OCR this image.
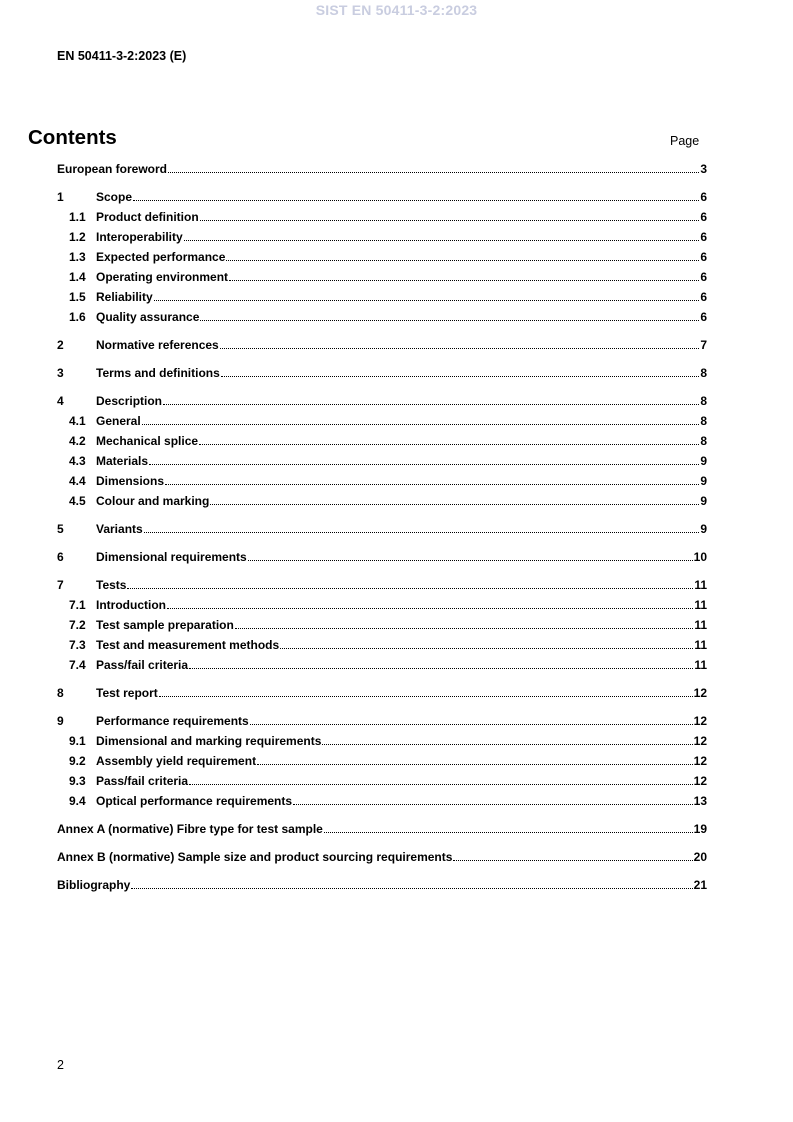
SIST EN 50411-3-2:2023
EN 50411-3-2:2023 (E)
Contents	Page
European foreword	3
1	Scope	6
1.1 Product definition	6
1.2 Interoperability	6
1.3 Expected performance	6
1.4 Operating environment	6
1.5 Reliability	6
1.6 Quality assurance	6
2	Normative references	7
3	Terms and definitions	8
4	Description	8
4.1 General	8
4.2 Mechanical splice	8
4.3 Materials	9
4.4 Dimensions	9
4.5 Colour and marking	9
5	Variants	9
6	Dimensional requirements	10
7	Tests	11
7.1 Introduction	11
7.2 Test sample preparation	11
7.3 Test and measurement methods	11
7.4 Pass/fail criteria	11
8	Test report	12
9	Performance requirements	12
9.1 Dimensional and marking requirements	12
9.2 Assembly yield requirement	12
9.3 Pass/fail criteria	12
9.4 Optical performance requirements	13
Annex A (normative) Fibre type for test sample	19
Annex B (normative) Sample size and product sourcing requirements	20
Bibliography	21
2
